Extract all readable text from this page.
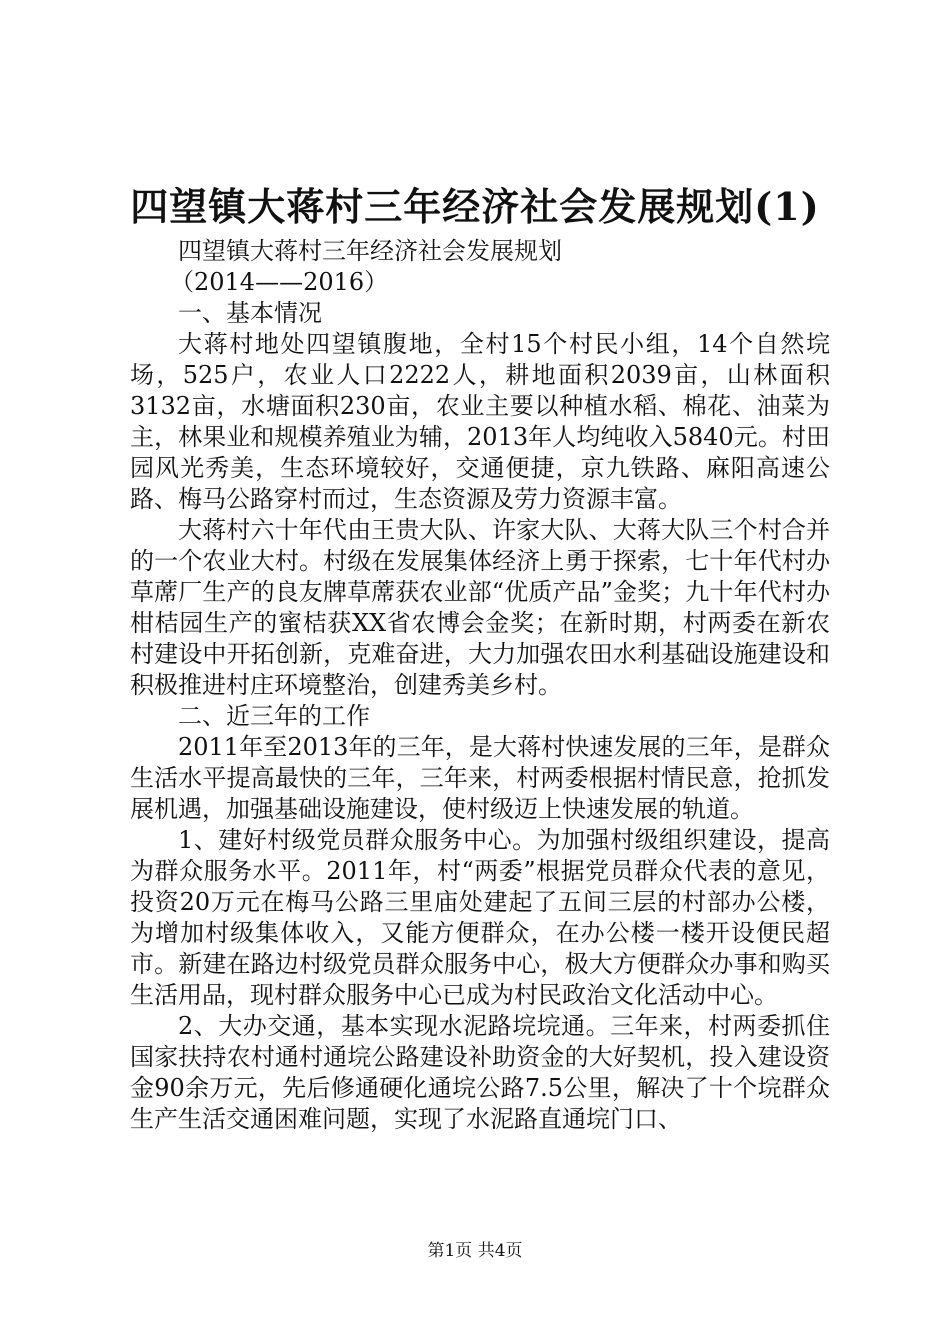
四望镇大蒋村三年经济社会发展规划(1)

四望镇大蒋村三年经济社会发展规划

（2014——2016）

一、基本情况

大蒋村地处四望镇腹地，全村15个村民小组，14个自然垸场，525户，农业人口2222人，耕地面积2039亩，山林面积3132亩，水塘面积230亩，农业主要以种植水稻、棉花、油菜为主，林果业和规模养殖业为辅，2013年人均纯收入5840元。村田园风光秀美，生态环境较好，交通便捷，京九铁路、麻阳高速公路、梅马公路穿村而过，生态资源及劳力资源丰富。

大蒋村六十年代由王贵大队、许家大队、大蒋大队三个村合并的一个农业大村。村级在发展集体经济上勇于探索，七十年代村办草蓆厂生产的良友牌草蓆获农业部“优质产品”金奖；九十年代村办柑桔园生产的蜜桔获XX省农博会金奖；在新时期，村两委在新农村建设中开拓创新，克难奋进，大力加强农田水利基础设施建设和积极推进村庄环境整治，创建秀美乡村。

二、近三年的工作

2011年至2013年的三年，是大蒋村快速发展的三年，是群众生活水平提高最快的三年，三年来，村两委根据村情民意，抢抓发展机遇，加强基础设施建设，使村级迈上快速发展的轨道。

1、建好村级党员群众服务中心。为加强村级组织建设，提高为群众服务水平。2011年，村“两委”根据党员群众代表的意见，投资20万元在梅马公路三里庙处建起了五间三层的村部办公楼，为增加村级集体收入，又能方便群众，在办公楼一楼开设便民超市。新建在路边村级党员群众服务中心，极大方便群众办事和购买生活用品，现村群众服务中心已成为村民政治文化活动中心。

2、大办交通，基本实现水泥路垸垸通。三年来，村两委抓住国家扶持农村通村通垸公路建设补助资金的大好契机，投入建设资金90余万元，先后修通硬化通垸公路7.5公里，解决了十个垸群众生产生活交通困难问题，实现了水泥路直通垸门口、

第1页 共4页
